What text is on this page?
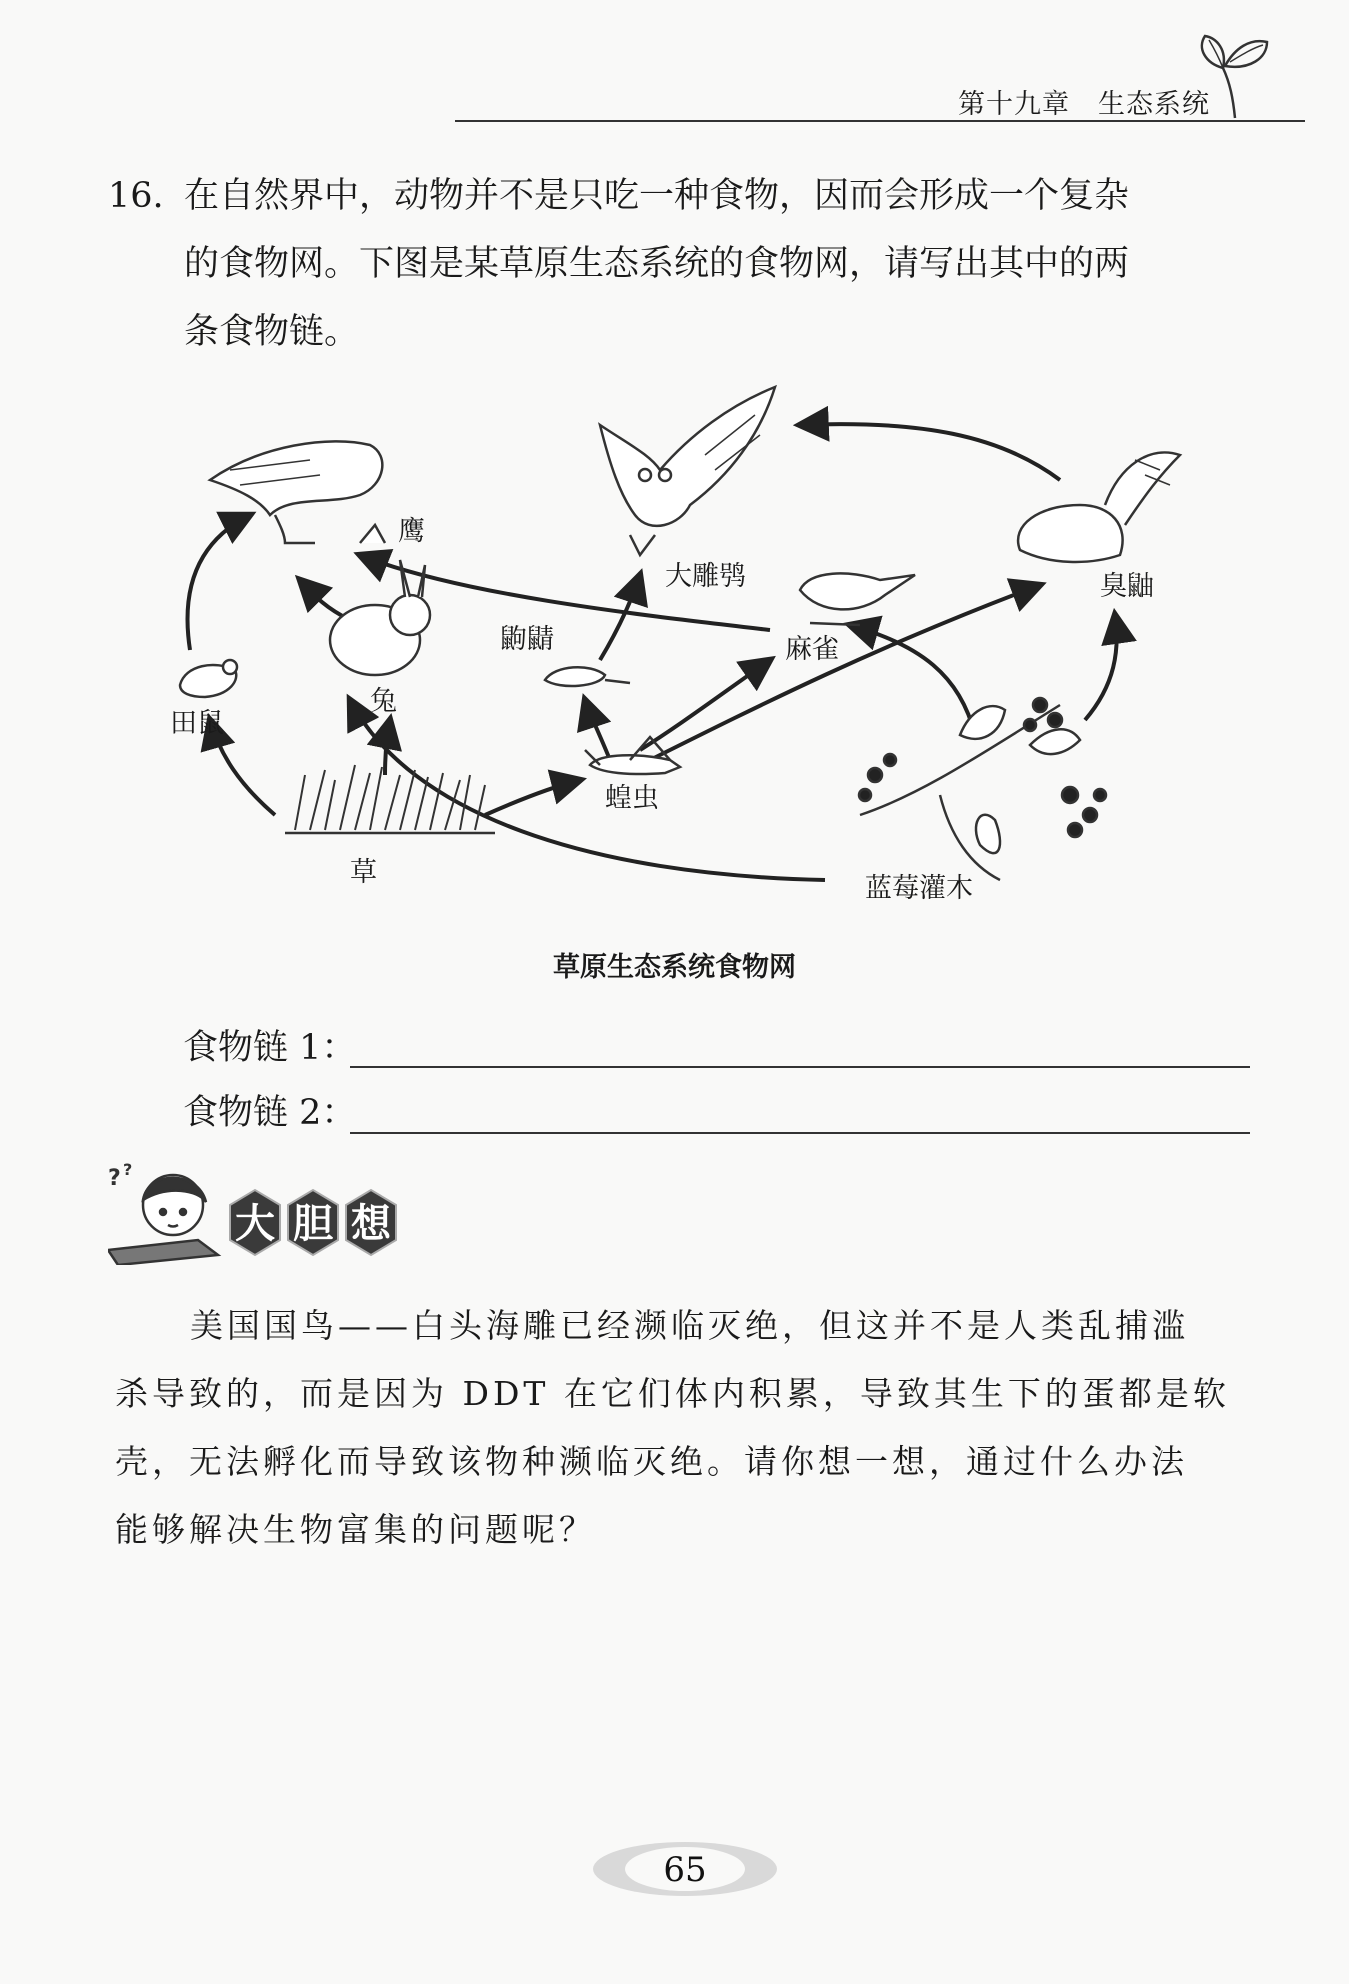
第十九章　 生态系统
16. 在自然界中，动物并不是只吃一种食物，因而会形成一个复杂
的食物网。下图是某草原生态系统的食物网，请写出其中的两
条食物链。
鹰
大雕鸮	臭鼬
鼩鼱	麻雀
兔
田鼠
蝗虫
草
蓝莓灌木
草原生态系统食物网
食物链 1：
食物链 2：
? ?
大 胆 想
美国国鸟——白头海雕已经濒临灭绝，但这并不是人类乱捕滥
杀导致的，而是因为 DDT 在它们体内积累，导致其生下的蛋都是软
壳，无法孵化而导致该物种濒临灭绝。请你想一想，通过什么办法
能够解决生物富集的问题呢？
65
